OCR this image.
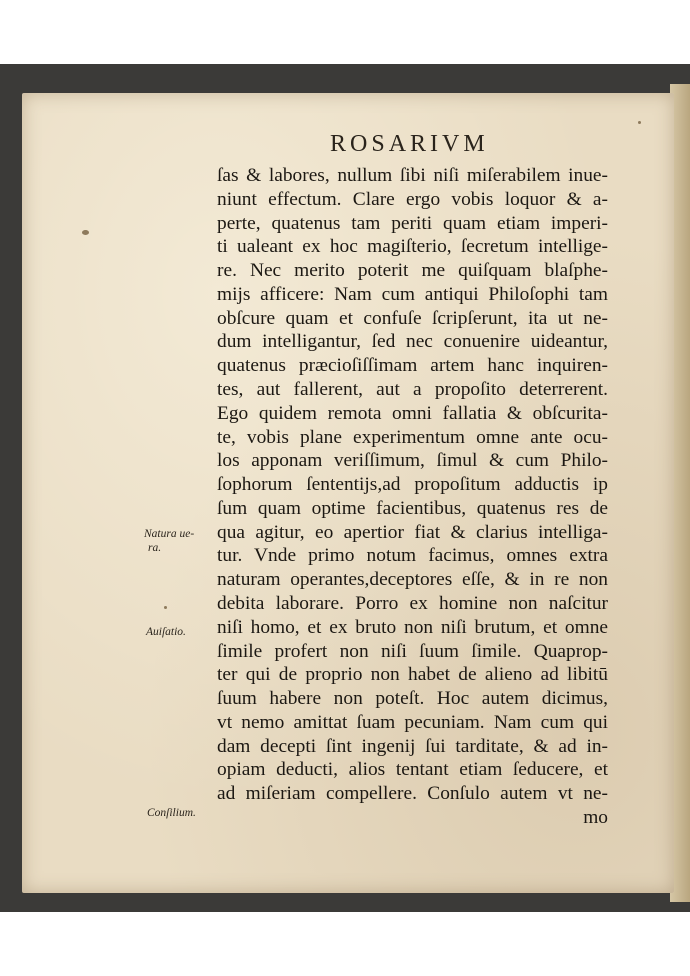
ROSARIVM
ſas & labores, nullum ſibi niſi miſerabilem inue-
niunt effectum. Clare ergo vobis loquor & a-
perte, quatenus tam periti quam etiam imperi-
ti ualeant ex hoc magiſterio, ſecretum intellige-
re. Nec merito poterit me quiſquam blaſphe-
mijs afficere: Nam cum antiqui Philoſophi tam
obſcure quam et confuſe ſcripſerunt, ita ut ne-
dum intelligantur, ſed nec conuenire uideantur,
quatenus præcioſiſſimam artem hanc inquiren-
tes, aut fallerent, aut a propoſito deterrerent.
Ego quidem remota omni fallatia & obſcurita-
te, vobis plane experimentum omne ante ocu-
los apponam veriſſimum, ſimul & cum Philo-
ſophorum ſententijs,ad propoſitum adductis ip
ſum quam optime facientibus, quatenus res de
qua agitur, eo apertior fiat & clarius intelliga-
tur. Vnde primo notum facimus, omnes extra
naturam operantes,deceptores eſſe, & in re non
debita laborare. Porro ex homine non naſcitur
niſi homo, et ex bruto non niſi brutum, et omne
ſimile profert non niſi ſuum ſimile. Quaprop-
ter qui de proprio non habet de alieno ad libitū
ſuum habere non poteſt. Hoc autem dicimus,
vt nemo amittat ſuam pecuniam. Nam cum qui
dam decepti ſint ingenij ſui tarditate, & ad in-
opiam deducti, alios tentant etiam ſeducere, et
ad miſeriam compellere. Conſulo autem vt ne-
mo
Natura ue-
ra.
Auiſatio.
Conſilium.
